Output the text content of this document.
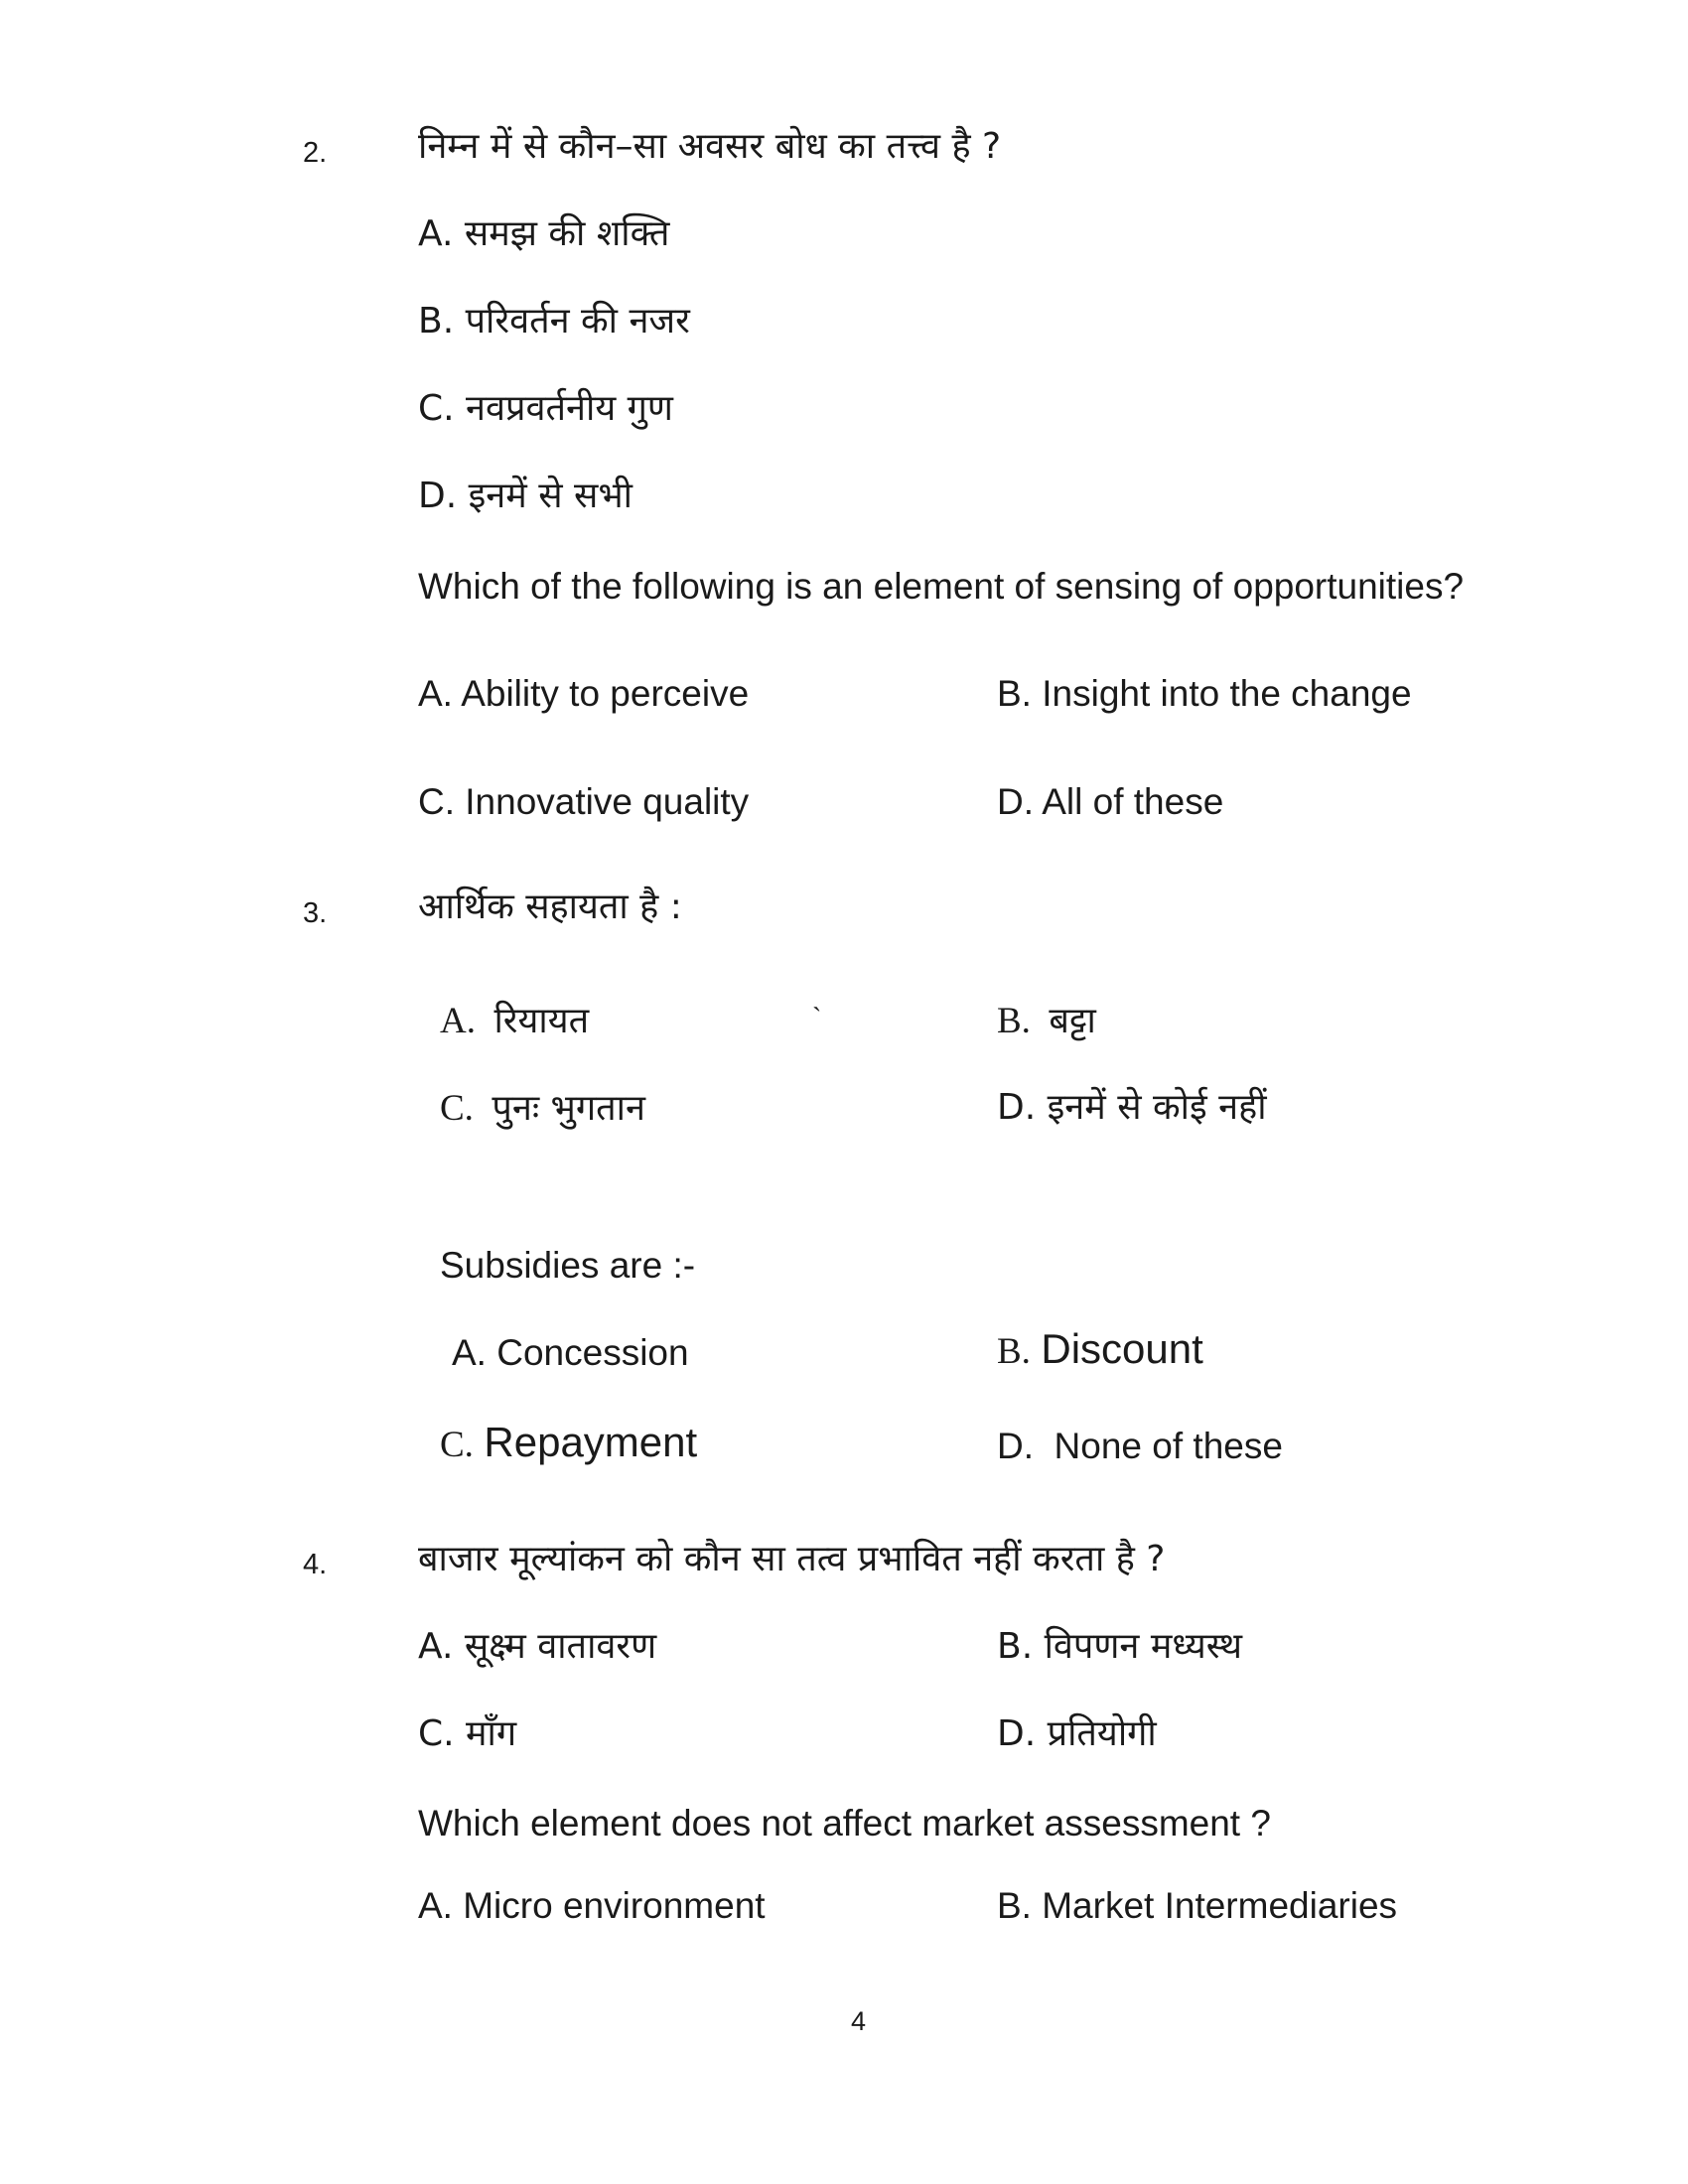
2.	निम्न में से कौन–सा अवसर बोध का तत्त्व है ?
A. समझ की शक्ति
B. परिवर्तन की नजर
C. नवप्रवर्तनीय गुण
D. इनमें से सभी
Which of the following is an element of sensing of opportunities?
A. Ability to perceive	B. Insight into the change
C. Innovative quality	D. All of these
3.	आर्थिक सहायता है :
A. रियायत	`	B. बट्टा
C. पुनः भुगतान	D. इनमें से कोई नहीं
Subsidies are :-
A. Concession	B. Discount
C. Repayment	D.  None of these
4.	बाजार मूल्यांकन को कौन सा तत्व प्रभावित नहीं करता है ?
A. सूक्ष्म वातावरण	B. विपणन मध्यस्थ
C. माँग	D. प्रतियोगी
Which element does not affect market assessment ?
A. Micro environment	B. Market Intermediaries
4
